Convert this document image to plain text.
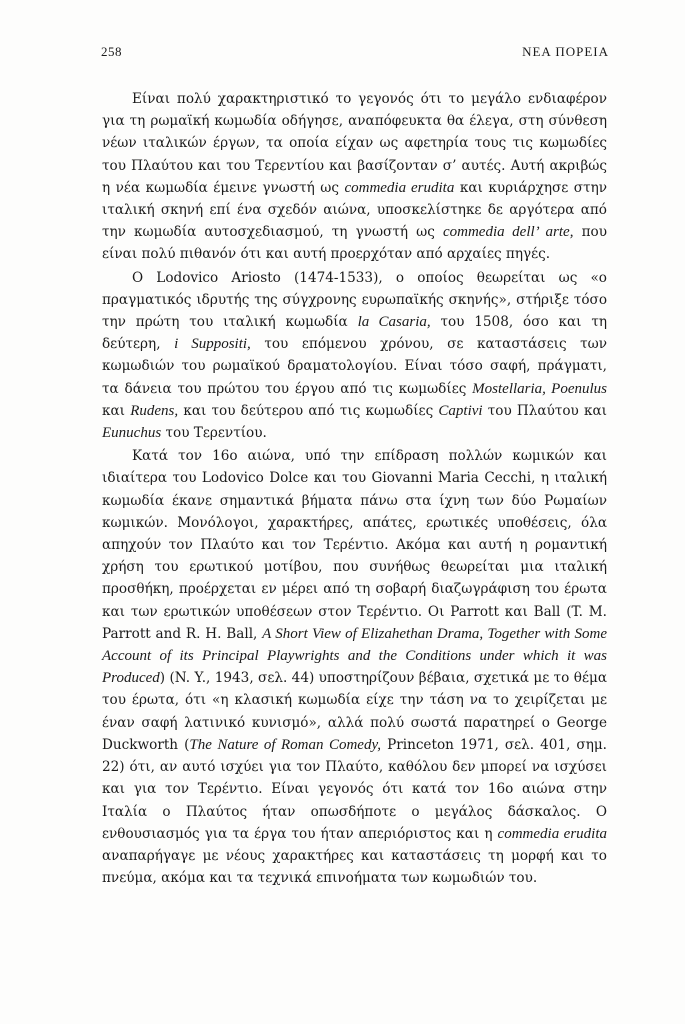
258	ΝΕΑ ΠΟΡΕΙΑ

Είναι πολύ χαρακτηριστικό το γεγονός ότι το μεγάλο ενδιαφέρον για τη ρωμαϊκή κωμωδία οδήγησε, αναπόφευκτα θα έλεγα, στη σύνθεση νέων ιταλικών έργων, τα οποία είχαν ως αφετηρία τους τις κωμωδίες του Πλαύτου και του Τερεντίου και βασίζονταν σ’ αυτές. Αυτή ακριβώς η νέα κωμωδία έμεινε γνωστή ως commedia erudita και κυριάρχησε στην ιταλική σκηνή επί ένα σχεδόν αιώνα, υποσκελίστηκε δε αργότερα από την κωμωδία αυτοσχεδιασμού, τη γνωστή ως commedia dell’ arte, που είναι πολύ πιθανόν ότι και αυτή προερχόταν από αρχαίες πηγές.

Ο Lodovico Ariosto (1474-1533), ο οποίος θεωρείται ως «ο πραγματικός ιδρυτής της σύγχρονης ευρωπαϊκής σκηνής», στήριξε τόσο την πρώτη του ιταλική κωμωδία la Casaria, του 1508, όσο και τη δεύτερη, i Suppositi, του επόμενου χρόνου, σε καταστάσεις των κωμωδιών του ρωμαϊκού δραματολογίου. Είναι τόσο σαφή, πράγματι, τα δάνεια του πρώτου του έργου από τις κωμωδίες Mostellaria, Poenulus και Rudens, και του δεύτερου από τις κωμωδίες Captivi του Πλαύτου και Eunuchus του Τερεντίου.

Κατά τον 16ο αιώνα, υπό την επίδραση πολλών κωμικών και ιδιαίτερα του Lodovico Dolce και του Giovanni Maria Cecchi, η ιταλική κωμωδία έκανε σημαντικά βήματα πάνω στα ίχνη των δύο Ρωμαίων κωμικών. Μονόλογοι, χαρακτήρες, απάτες, ερωτικές υποθέσεις, όλα απηχούν τον Πλαύτο και τον Τερέντιο. Ακόμα και αυτή η ρομαντική χρήση του ερωτικού μοτίβου, που συνήθως θεωρείται μια ιταλική προσθήκη, προέρχεται εν μέρει από τη σοβαρή διαζωγράφιση του έρωτα και των ερωτικών υποθέσεων στον Τερέντιο. Οι Parrott και Ball (T. M. Parrott and R. H. Ball, A Short View of Elizahethan Drama, Together with Some Account of its Principal Playwrights and the Conditions under which it was Produced) (N. Y., 1943, σελ. 44) υποστηρίζουν βέβαια, σχετικά με το θέμα του έρωτα, ότι «η κλασική κωμωδία είχε την τάση να το χειρίζεται με έναν σαφή λατινικό κυνισμό», αλλά πολύ σωστά παρατηρεί ο George Duckworth (The Nature of Roman Comedy, Princeton 1971, σελ. 401, σημ. 22) ότι, αν αυτό ισχύει για τον Πλαύτο, καθόλου δεν μπορεί να ισχύσει και για τον Τερέντιο. Είναι γεγονός ότι κατά τον 16ο αιώνα στην Ιταλία ο Πλαύτος ήταν οπωσδήποτε ο μεγάλος δάσκαλος. Ο ενθουσιασμός για τα έργα του ήταν απεριόριστος και η commedia erudita αναπαρήγαγε με νέους χαρακτήρες και καταστάσεις τη μορφή και το πνεύμα, ακόμα και τα τεχνικά επινοήματα των κωμωδιών του.
